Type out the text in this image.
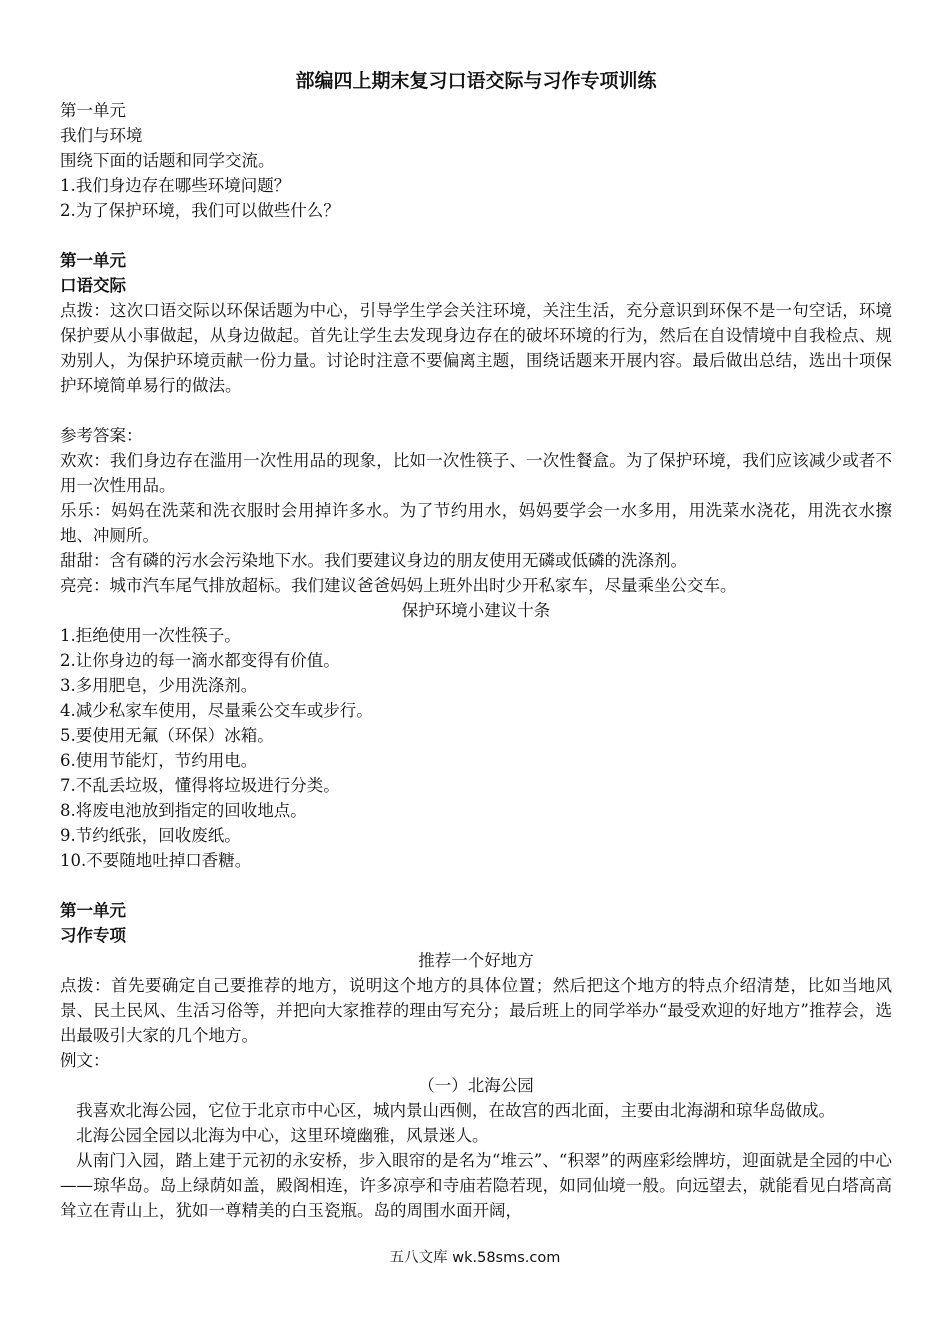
部编四上期末复习口语交际与习作专项训练

第一单元

我们与环境

围绕下面的话题和同学交流。

1.我们身边存在哪些环境问题？

2.为了保护环境，我们可以做些什么？

第一单元

口语交际

点拨：这次口语交际以环保话题为中心，引导学生学会关注环境，关注生活，充分意识到环保不是一句空话，环境保护要从小事做起，从身边做起。首先让学生去发现身边存在的破坏环境的行为，然后在自设情境中自我检点、规劝别人，为保护环境贡献一份力量。讨论时注意不要偏离主题，围绕话题来开展内容。最后做出总结，选出十项保护环境简单易行的做法。

参考答案：

欢欢：我们身边存在滥用一次性用品的现象，比如一次性筷子、一次性餐盒。为了保护环境，我们应该减少或者不用一次性用品。

乐乐：妈妈在洗菜和洗衣服时会用掉许多水。为了节约用水，妈妈要学会一水多用，用洗菜水浇花，用洗衣水擦地、冲厕所。

甜甜：含有磷的污水会污染地下水。我们要建议身边的朋友使用无磷或低磷的洗涤剂。

亮亮：城市汽车尾气排放超标。我们建议爸爸妈妈上班外出时少开私家车，尽量乘坐公交车。

保护环境小建议十条

1.拒绝使用一次性筷子。

2.让你身边的每一滴水都变得有价值。

3.多用肥皂，少用洗涤剂。

4.减少私家车使用，尽量乘公交车或步行。

5.要使用无氟（环保）冰箱。

6.使用节能灯，节约用电。

7.不乱丢垃圾，懂得将垃圾进行分类。

8.将废电池放到指定的回收地点。

9.节约纸张，回收废纸。

10.不要随地吐掉口香糖。

第一单元

习作专项

推荐一个好地方

点拨：首先要确定自己要推荐的地方，说明这个地方的具体位置；然后把这个地方的特点介绍清楚，比如当地风景、民土民风、生活习俗等，并把向大家推荐的理由写充分；最后班上的同学举办“最受欢迎的好地方”推荐会，选出最吸引大家的几个地方。

例文：

（一）北海公园

我喜欢北海公园，它位于北京市中心区，城内景山西侧，在故宫的西北面，主要由北海湖和琼华岛做成。

北海公园全园以北海为中心，这里环境幽雅，风景迷人。

从南门入园，踏上建于元初的永安桥，步入眼帘的是名为“堆云”、“积翠”的两座彩绘牌坊，迎面就是全园的中心——琼华岛。岛上绿荫如盖，殿阁相连，许多凉亭和寺庙若隐若现，如同仙境一般。向远望去，就能看见白塔高高耸立在青山上，犹如一尊精美的白玉瓷瓶。岛的周围水面开阔，

五八文库 wk.58sms.com
